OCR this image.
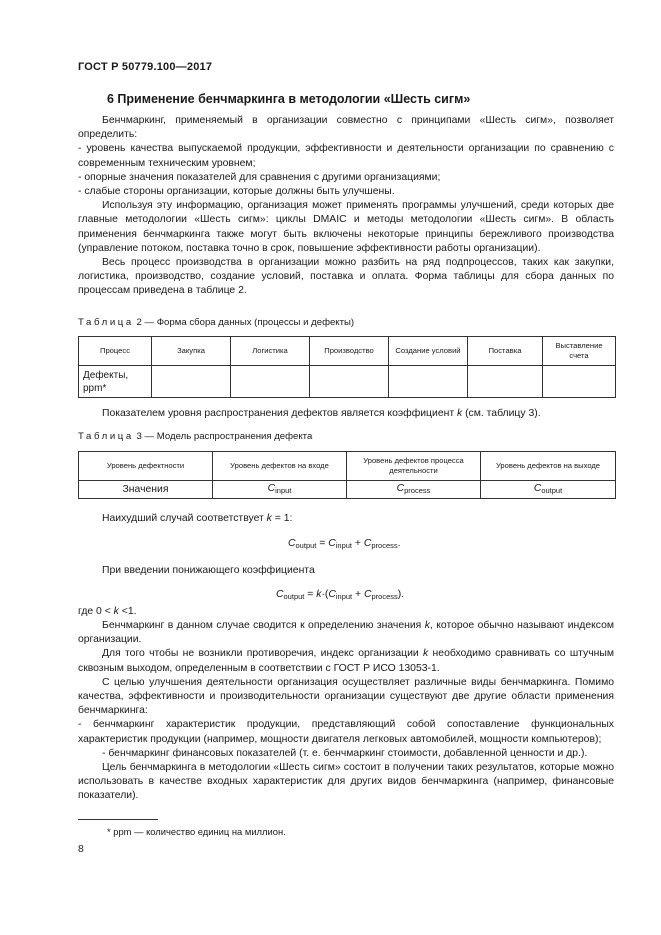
ГОСТ Р 50779.100—2017
6 Применение бенчмаркинга в методологии «Шесть сигм»

Бенчмаркинг, применяемый в организации совместно с принципами «Шесть сигм», позволяет определить:

- уровень качества выпускаемой продукции, эффективности и деятельности организации по сравнению с современным техническим уровнем;

- опорные значения показателей для сравнения с другими организациями;

- слабые стороны организации, которые должны быть улучшены.

Используя эту информацию, организация может применять программы улучшений, среди которых две главные методологии «Шесть сигм»: циклы DMAIC и методы методологии «Шесть сигм». В область применения бенчмаркинга также могут быть включены некоторые принципы бережливого производства (управление потоком, поставка точно в срок, повышение эффективности работы организации).

Весь процесс производства в организации можно разбить на ряд подпроцессов, таких как закупки, логистика, производство, создание условий, поставка и оплата. Форма таблицы для сбора данных по процессам приведена в таблице 2.

Таблица 2 — Форма сбора данных (процессы и дефекты)
Процесс	Закупка	Логистика	Производство	Создание условий	Поставка	Выставление счета
Дефекты, ppm*						
Показателем уровня распространения дефектов является коэффициент k (см. таблицу 3).
Таблица 3 — Модель распространения дефекта
Уровень дефектности	Уровень дефектов на входе	Уровень дефектов процесса деятельности	Уровень дефектов на выходе
Значения	$C_{input}$	$C_{process}$	$C_{output}$
Наихудший случай соответствует k = 1:
$C_{output} = C_{input} + C_{process}$.
При введении понижающего коэффициента
$C_{output} = k\cdot(C_{input} + C_{process})$.
где 0 < k <1.

Бенчмаркинг в данном случае сводится к определению значения k, которое обычно называют индексом организации.

Для того чтобы не возникли противоречия, индекс организации k необходимо сравнивать со штучным сквозным выходом, определенным в соответствии с ГОСТ Р ИСО 13053-1.

С целью улучшения деятельности организация осуществляет различные виды бенчмаркинга. Помимо качества, эффективности и производительности организации существуют две другие области применения бенчмаркинга:

- бенчмаркинг характеристик продукции, представляющий собой сопоставление функциональных характеристик продукции (например, мощности двигателя легковых автомобилей, мощности компьютеров);

- бенчмаркинг финансовых показателей (т. е. бенчмаркинг стоимости, добавленной ценности и др.).

Цель бенчмаркинга в методологии «Шесть сигм» состоит в получении таких результатов, которые можно использовать в качестве входных характеристик для других видов бенчмаркинга (например, финансовые показатели).

* ppm — количество единиц на миллион.
8
